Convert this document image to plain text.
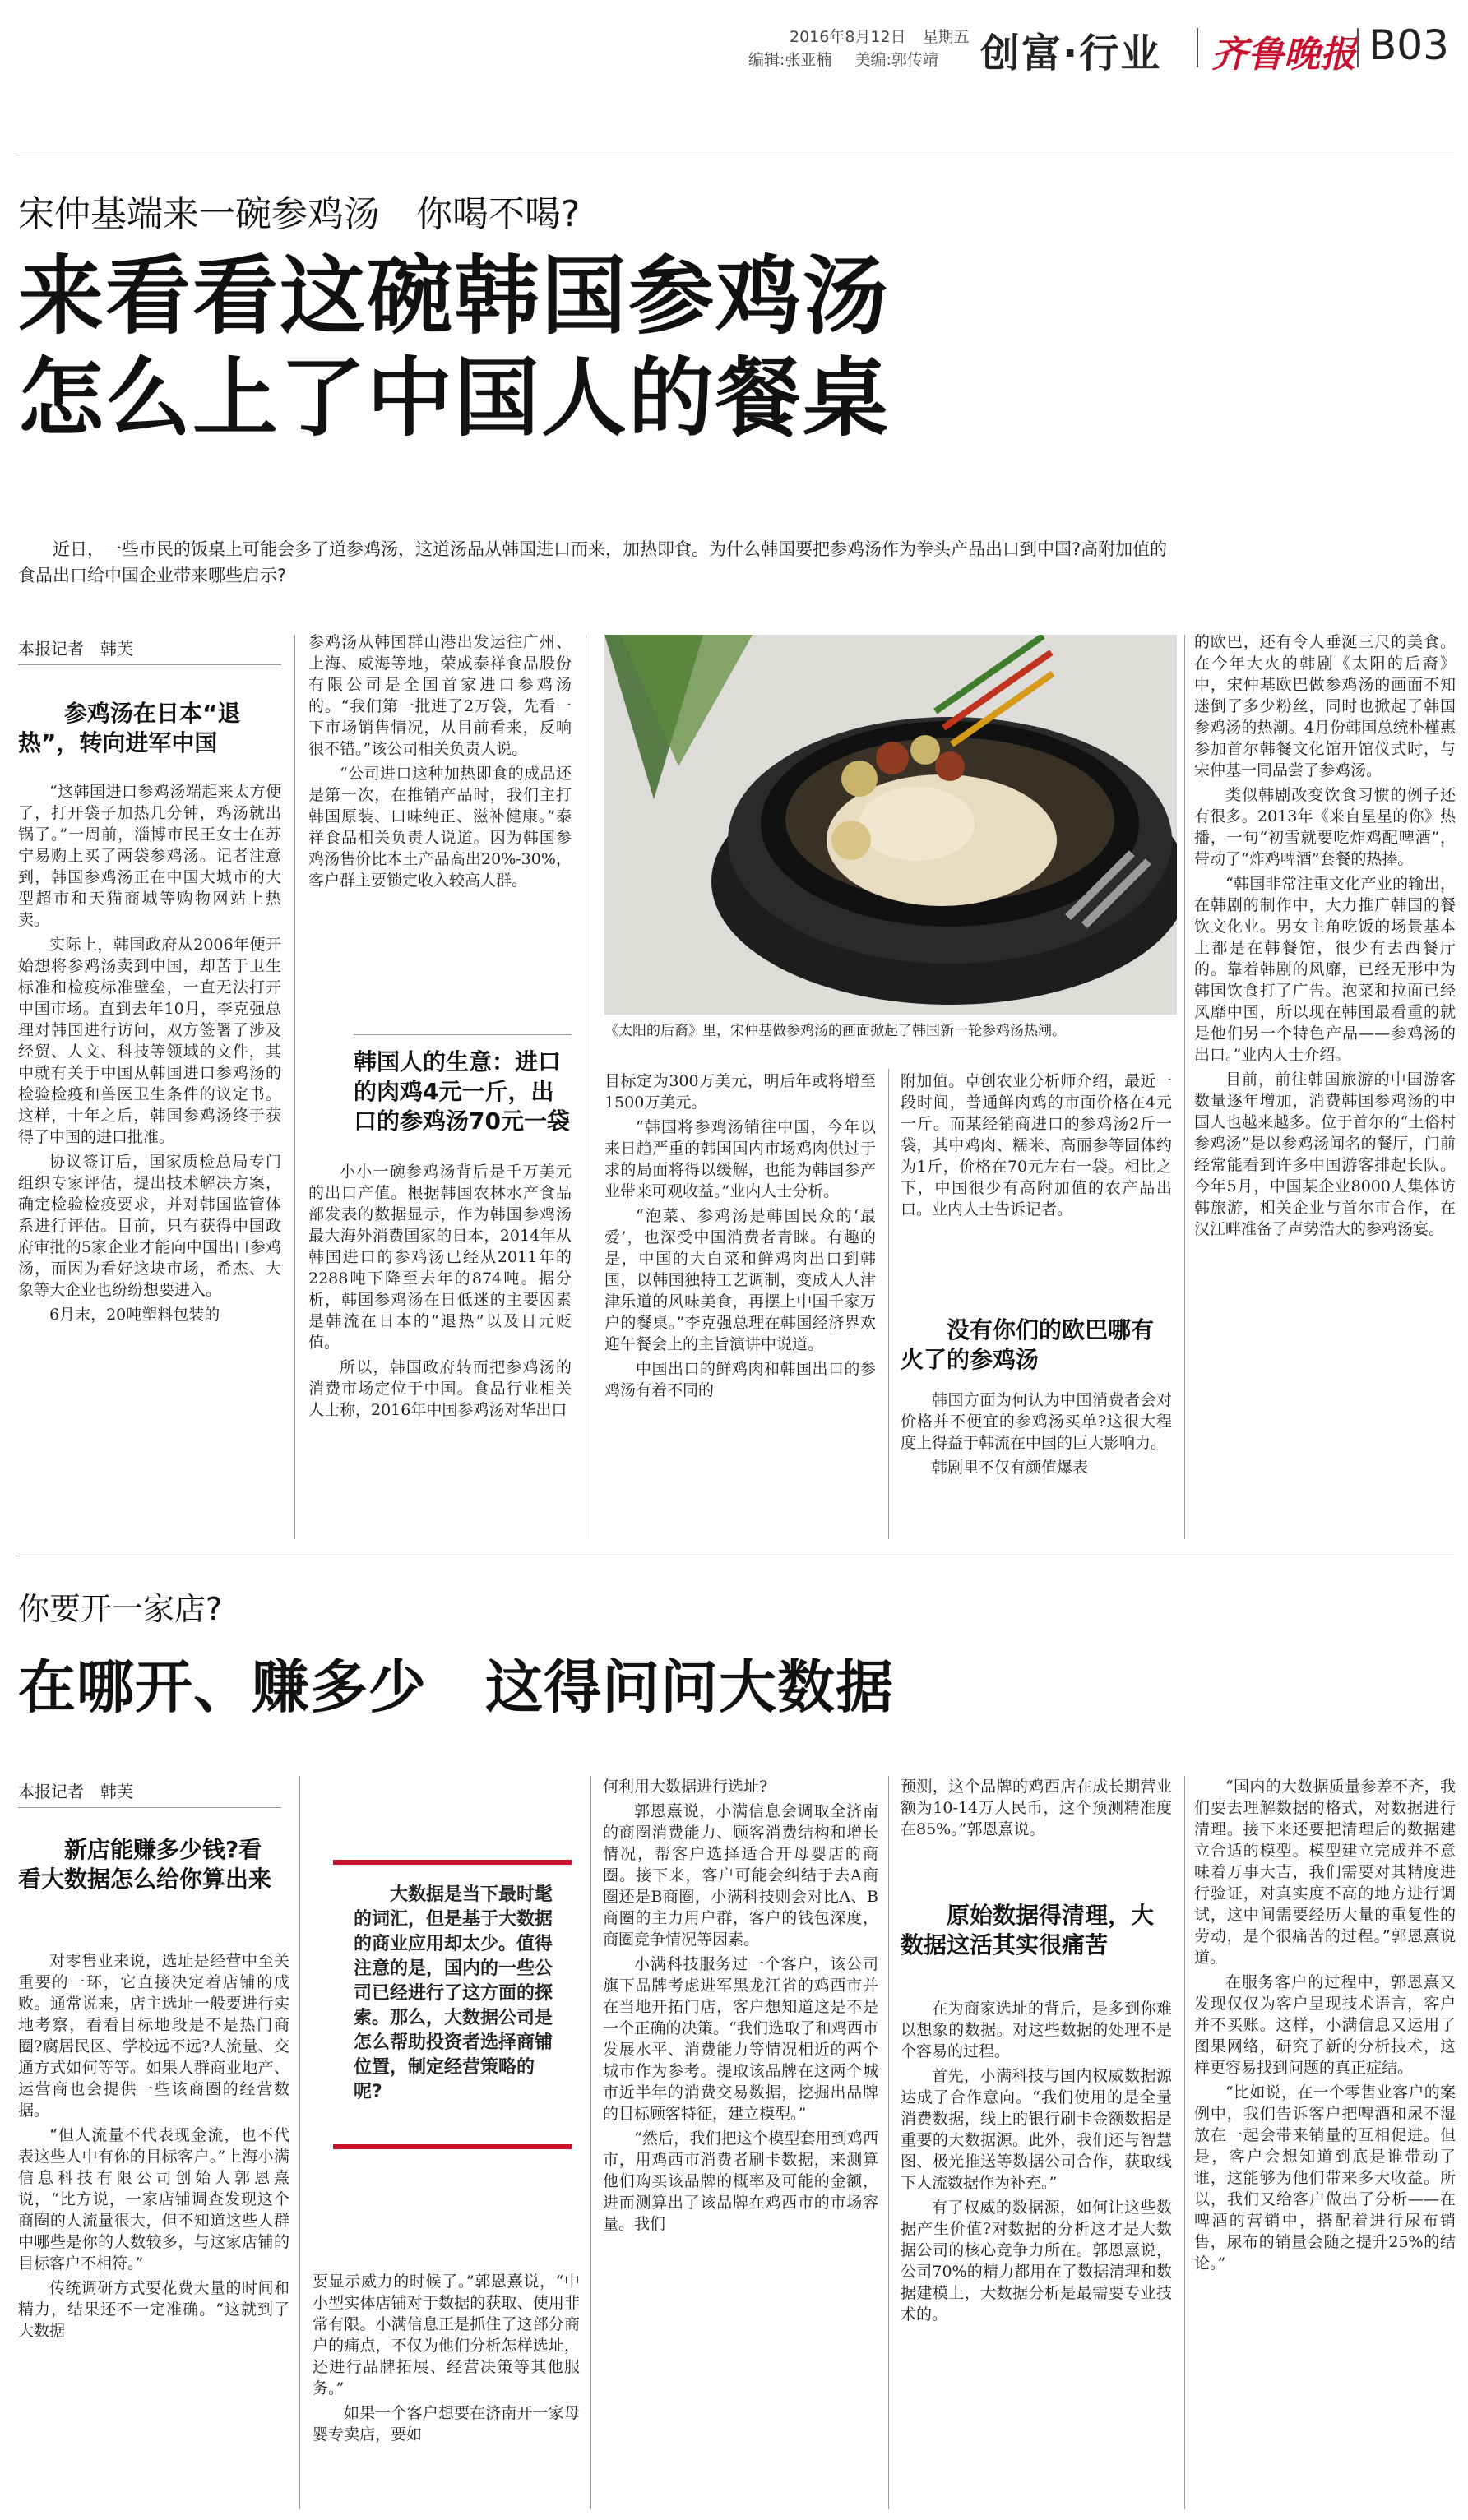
2016年8月12日 星期五
编辑:张亚楠 美编:郭传靖 创富·行业 齐鲁晚报 B03
宋仲基端来一碗参鸡汤　你喝不喝?
来看看这碗韩国参鸡汤
怎么上了中国人的餐桌
近日，一些市民的饭桌上可能会多了道参鸡汤，这道汤品从韩国进口而来，加热即食。为什么韩国要把参鸡汤作为拳头产品出口到中国?高附加值的食品出口给中国企业带来哪些启示?
本报记者　韩芙
参鸡汤在日本“退热”，转向进军中国

“这韩国进口参鸡汤端起来太方便了，打开袋子加热几分钟，鸡汤就出锅了。”一周前，淄博市民王女士在苏宁易购上买了两袋参鸡汤。记者注意到，韩国参鸡汤正在中国大城市的大型超市和天猫商城等购物网站上热卖。

实际上，韩国政府从2006年便开始想将参鸡汤卖到中国，却苦于卫生标准和检疫标准壁垒，一直无法打开中国市场。直到去年10月，李克强总理对韩国进行访问，双方签署了涉及经贸、人文、科技等领域的文件，其中就有关于中国从韩国进口参鸡汤的检验检疫和兽医卫生条件的议定书。这样，十年之后，韩国参鸡汤终于获得了中国的进口批准。

协议签订后，国家质检总局专门组织专家评估，提出技术解决方案，确定检验检疫要求，并对韩国监管体系进行评估。目前，只有获得中国政府审批的5家企业才能向中国出口参鸡汤，而因为看好这块市场，希杰、大象等大企业也纷纷想要进入。

6月末，20吨塑料包装的

参鸡汤从韩国群山港出发运往广州、上海、威海等地，荣成泰祥食品股份有限公司是全国首家进口参鸡汤的。“我们第一批进了2万袋，先看一下市场销售情况，从目前看来，反响很不错。”该公司相关负责人说。

“公司进口这种加热即食的成品还是第一次，在推销产品时，我们主打韩国原装、口味纯正、滋补健康。”泰祥食品相关负责人说道。因为韩国参鸡汤售价比本土产品高出20%-30%，客户群主要锁定收入较高人群。

韩国人的生意：进口的肉鸡4元一斤，出口的参鸡汤70元一袋

小小一碗参鸡汤背后是千万美元的出口产值。根据韩国农林水产食品部发表的数据显示，作为韩国参鸡汤最大海外消费国家的日本，2014年从韩国进口的参鸡汤已经从2011年的2288吨下降至去年的874吨。据分析，韩国参鸡汤在日低迷的主要因素是韩流在日本的“退热”以及日元贬值。

所以，韩国政府转而把参鸡汤的消费市场定位于中国。食品行业相关人士称，2016年中国参鸡汤对华出口

《太阳的后裔》里，宋仲基做参鸡汤的画面掀起了韩国新一轮参鸡汤热潮。

目标定为300万美元，明后年或将增至1500万美元。

“韩国将参鸡汤销往中国，今年以来日趋严重的韩国国内市场鸡肉供过于求的局面将得以缓解，也能为韩国参产业带来可观收益。”业内人士分析。

“泡菜、参鸡汤是韩国民众的‘最爱’，也深受中国消费者青睐。有趣的是，中国的大白菜和鲜鸡肉出口到韩国，以韩国独特工艺调制，变成人人津津乐道的风味美食，再摆上中国千家万户的餐桌。”李克强总理在韩国经济界欢迎午餐会上的主旨演讲中说道。

中国出口的鲜鸡肉和韩国出口的参鸡汤有着不同的

附加值。卓创农业分析师介绍，最近一段时间，普通鲜肉鸡的市面价格在4元一斤。而某经销商进口的参鸡汤2斤一袋，其中鸡肉、糯米、高丽参等固体约为1斤，价格在70元左右一袋。相比之下，中国很少有高附加值的农产品出口。业内人士告诉记者。

没有你们的欧巴哪有火了的参鸡汤

韩国方面为何认为中国消费者会对价格并不便宜的参鸡汤买单?这很大程度上得益于韩流在中国的巨大影响力。

韩剧里不仅有颜值爆表

的欧巴，还有令人垂涎三尺的美食。在今年大火的韩剧《太阳的后裔》中，宋仲基欧巴做参鸡汤的画面不知迷倒了多少粉丝，同时也掀起了韩国参鸡汤的热潮。4月份韩国总统朴槿惠参加首尔韩餐文化馆开馆仪式时，与宋仲基一同品尝了参鸡汤。

类似韩剧改变饮食习惯的例子还有很多。2013年《来自星星的你》热播，一句“初雪就要吃炸鸡配啤酒”，带动了“炸鸡啤酒”套餐的热捧。

“韩国非常注重文化产业的输出，在韩剧的制作中，大力推广韩国的餐饮文化业。男女主角吃饭的场景基本上都是在韩餐馆，很少有去西餐厅的。靠着韩剧的风靡，已经无形中为韩国饮食打了广告。泡菜和拉面已经风靡中国，所以现在韩国最看重的就是他们另一个特色产品——参鸡汤的出口。”业内人士介绍。

目前，前往韩国旅游的中国游客数量逐年增加，消费韩国参鸡汤的中国人也越来越多。位于首尔的“土俗村参鸡汤”是以参鸡汤闻名的餐厅，门前经常能看到许多中国游客排起长队。今年5月，中国某企业8000人集体访韩旅游，相关企业与首尔市合作，在汉江畔准备了声势浩大的参鸡汤宴。

你要开一家店?
在哪开、赚多少　这得问问大数据
本报记者　韩芙
新店能赚多少钱?看看大数据怎么给你算出来

对零售业来说，选址是经营中至关重要的一环，它直接决定着店铺的成败。通常说来，店主选址一般要进行实地考察，看看目标地段是不是热门商圈?腐居民区、学校远不远?人流量、交通方式如何等等。如果人群商业地产、运营商也会提供一些该商圈的经营数据。

“但人流量不代表现金流，也不代表这些人中有你的目标客户。”上海小满信息科技有限公司创始人郭恩熹说，“比方说，一家店铺调查发现这个商圈的人流量很大，但不知道这些人群中哪些是你的人数较多，与这家店铺的目标客户不相符。”

传统调研方式要花费大量的时间和精力，结果还不一定准确。“这就到了大数据

大数据是当下最时髦的词汇，但是基于大数据的商业应用却太少。值得注意的是，国内的一些公司已经进行了这方面的探索。那么，大数据公司是怎么帮助投资者选择商铺位置，制定经营策略的呢?

要显示威力的时候了。”郭恩熹说，“中小型实体店铺对于数据的获取、使用非常有限。小满信息正是抓住了这部分商户的痛点，不仅为他们分析怎样选址，还进行品牌拓展、经营决策等其他服务。”

如果一个客户想要在济南开一家母婴专卖店，要如

何利用大数据进行选址?

郭恩熹说，小满信息会调取全济南的商圈消费能力、顾客消费结构和增长情况，帮客户选择适合开母婴店的商圈。接下来，客户可能会纠结于去A商圈还是B商圈，小满科技则会对比A、B商圈的主力用户群，客户的钱包深度，商圈竞争情况等因素。

小满科技服务过一个客户，该公司旗下品牌考虑进军黑龙江省的鸡西市并在当地开拓门店，客户想知道这是不是一个正确的决策。“我们选取了和鸡西市发展水平、消费能力等情况相近的两个城市作为参考。提取该品牌在这两个城市近半年的消费交易数据，挖掘出品牌的目标顾客特征，建立模型。”

“然后，我们把这个模型套用到鸡西市，用鸡西市消费者刷卡数据，来测算他们购买该品牌的概率及可能的金额，进而测算出了该品牌在鸡西市的市场容量。我们

预测，这个品牌的鸡西店在成长期营业额为10-14万人民币，这个预测精准度在85%。”郭恩熹说。

原始数据得清理，大数据这活其实很痛苦

在为商家选址的背后，是多到你难以想象的数据。对这些数据的处理不是个容易的过程。

首先，小满科技与国内权威数据源达成了合作意向。“我们使用的是全量消费数据，线上的银行刷卡金额数据是重要的大数据源。此外，我们还与智慧图、极光推送等数据公司合作，获取线下人流数据作为补充。”

有了权威的数据源，如何让这些数据产生价值?对数据的分析这才是大数据公司的核心竞争力所在。郭恩熹说，公司70%的精力都用在了数据清理和数据建模上，大数据分析是最需要专业技术的。

“国内的大数据质量参差不齐，我们要去理解数据的格式，对数据进行清理。接下来还要把清理后的数据建立合适的模型。模型建立完成并不意味着万事大吉，我们需要对其精度进行验证，对真实度不高的地方进行调试，这中间需要经历大量的重复性的劳动，是个很痛苦的过程。”郭恩熹说道。

在服务客户的过程中，郭恩熹又发现仅仅为客户呈现技术语言，客户并不买账。这样，小满信息又运用了图果网络，研究了新的分析技术，这样更容易找到问题的真正症结。

“比如说，在一个零售业客户的案例中，我们告诉客户把啤酒和尿不湿放在一起会带来销量的互相促进。但是，客户会想知道到底是谁带动了谁，这能够为他们带来多大收益。所以，我们又给客户做出了分析——在啤酒的营销中，搭配着进行尿布销售，尿布的销量会随之提升25%的结论。”
